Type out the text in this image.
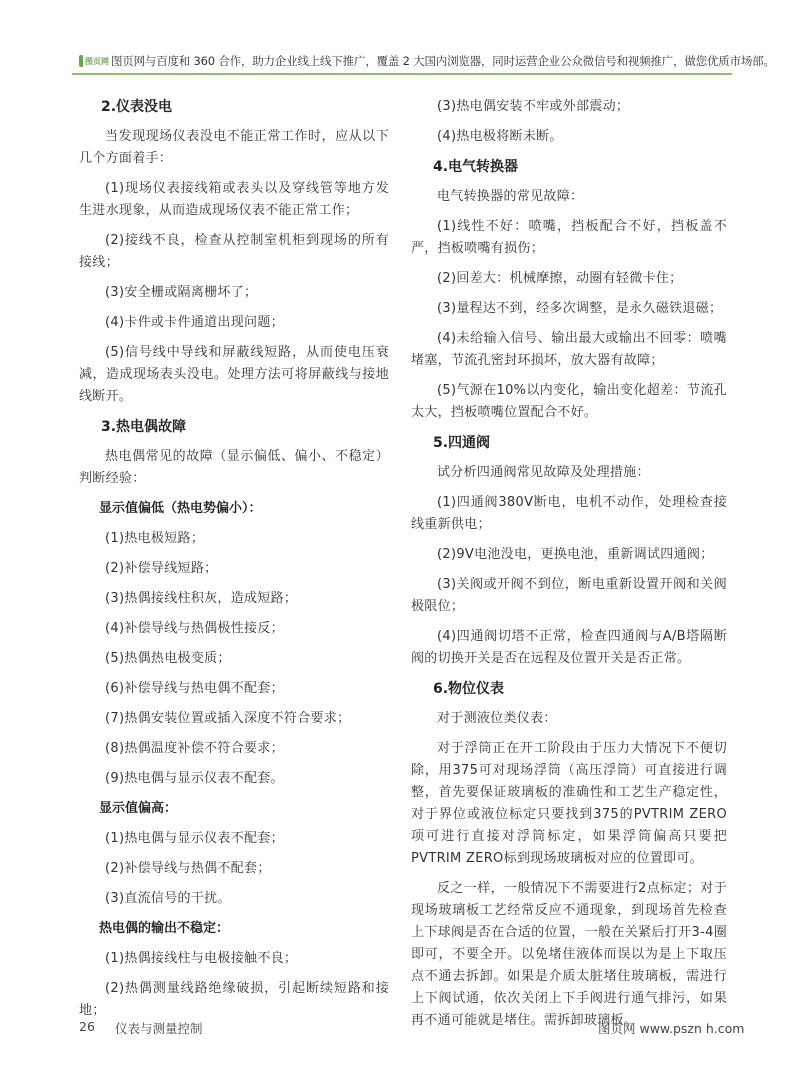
图页网 图页网与百度和 360 合作，助力企业线上线下推广，覆盖 2 大国内浏览器，同时运营企业公众微信号和视频推广，做您优质市场部。
2.仪表没电

当发现现场仪表没电不能正常工作时，应从以下几个方面着手：

(1)现场仪表接线箱或表头以及穿线管等地方发生进水现象，从而造成现场仪表不能正常工作；

(2)接线不良，检查从控制室机柜到现场的所有接线；

(3)安全栅或隔离栅坏了；

(4)卡件或卡件通道出现问题；

(5)信号线中导线和屏蔽线短路，从而使电压衰减，造成现场表头没电。处理方法可将屏蔽线与接地线断开。

3.热电偶故障

热电偶常见的故障（显示偏低、偏小、不稳定）判断经验：

显示值偏低（热电势偏小）：

(1)热电极短路；

(2)补偿导线短路；

(3)热偶接线柱积灰，造成短路；

(4)补偿导线与热偶极性接反；

(5)热偶热电极变质；

(6)补偿导线与热电偶不配套；

(7)热偶安装位置或插入深度不符合要求；

(8)热偶温度补偿不符合要求；

(9)热电偶与显示仪表不配套。

显示值偏高：

(1)热电偶与显示仪表不配套；

(2)补偿导线与热偶不配套；

(3)直流信号的干扰。

热电偶的输出不稳定：

(1)热偶接线柱与电极接触不良；

(2)热偶测量线路绝缘破损，引起断续短路和接地；

(3)热电偶安装不牢或外部震动；

(4)热电极将断未断。

4.电气转换器

电气转换器的常见故障：

(1)线性不好：喷嘴，挡板配合不好，挡板盖不严，挡板喷嘴有损伤；

(2)回差大：机械摩擦，动圈有轻微卡住；

(3)量程达不到，经多次调整，是永久磁铁退磁；

(4)未给输入信号、输出最大或输出不回零：喷嘴堵塞，节流孔密封环损坏，放大器有故障；

(5)气源在10%以内变化，输出变化超差：节流孔太大，挡板喷嘴位置配合不好。

5.四通阀

试分析四通阀常见故障及处理措施：

(1)四通阀380V断电，电机不动作，处理检查接线重新供电；

(2)9V电池没电，更换电池，重新调试四通阀；

(3)关阀或开阀不到位，断电重新设置开阀和关阀极限位；

(4)四通阀切塔不正常，检查四通阀与A/B塔隔断阀的切换开关是否在远程及位置开关是否正常。

6.物位仪表

对于测液位类仪表：

对于浮筒正在开工阶段由于压力大情况下不便切除，用375可对现场浮筒（高压浮筒）可直接进行调整，首先要保证玻璃板的准确性和工艺生产稳定性，对于界位或液位标定只要找到375的PVTRIM ZERO项可进行直接对浮筒标定，如果浮筒偏高只要把PVTRIM ZERO标到现场玻璃板对应的位置即可。

反之一样，一般情况下不需要进行2点标定；对于现场玻璃板工艺经常反应不通现象，到现场首先检查上下球阀是否在合适的位置，一般在关紧后打开3-4圈即可，不要全开。以免堵住液体而误以为是上下取压点不通去拆卸。如果是介质太脏堵住玻璃板，需进行上下阀试通，依次关闭上下手阀进行通气排污，如果再不通可能就是堵住。需拆卸玻璃板。

26 仪表与测量控制	图页网 www.pszn h.com
